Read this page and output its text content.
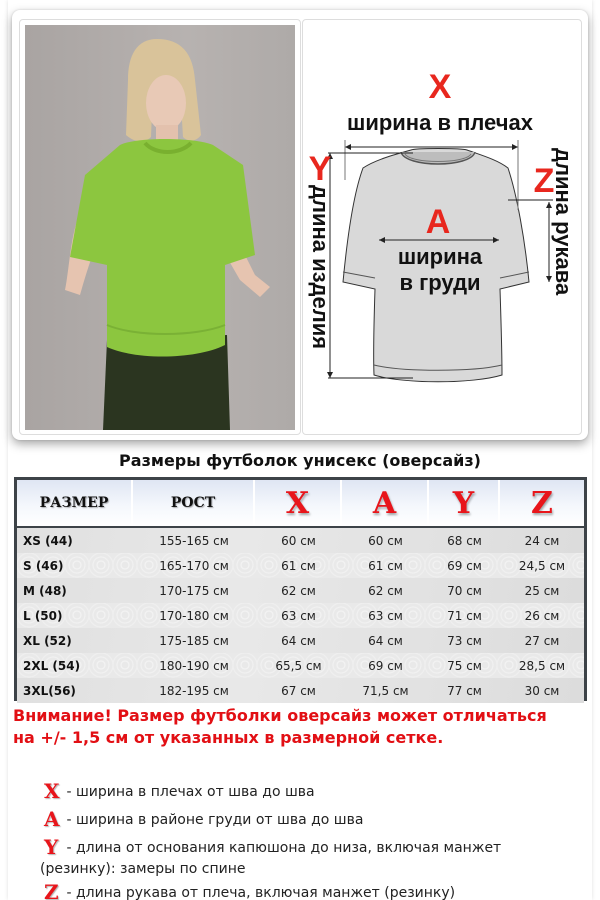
X
ширина в плечах
Y
длина изделия
Z
длина рукава
A
ширина
в груди
Размеры футболок унисекс (оверсайз)
РАЗМЕР	РОСТ	X	A	Y	Z
XS (44)	155-165 см	60 см	60 см	68 см	24 см
S (46)	165-170 см	61 см	61 см	69 см	24,5 см
M (48)	170-175 см	62 см	62 см	70 см	25 см
L (50)	170-180 см	63 см	63 см	71 см	26 см
XL (52)	175-185 см	64 см	64 см	73 см	27 см
2XL (54)	180-190 см	65,5 см	69 см	75 см	28,5 см
3XL(56)	182-195 см	67 см	71,5 см	77 см	30 см
Внимание! Размер футболки оверсайз может отличаться на +/- 1,5 см от указанных в размерной сетке.
X - ширина в плечах от шва до шва
A - ширина в районе груди от шва до шва
Y - длина от основания капюшона до низа, включая манжет
(резинку): замеры по спине
Z - длина рукава от плеча, включая манжет (резинку)
